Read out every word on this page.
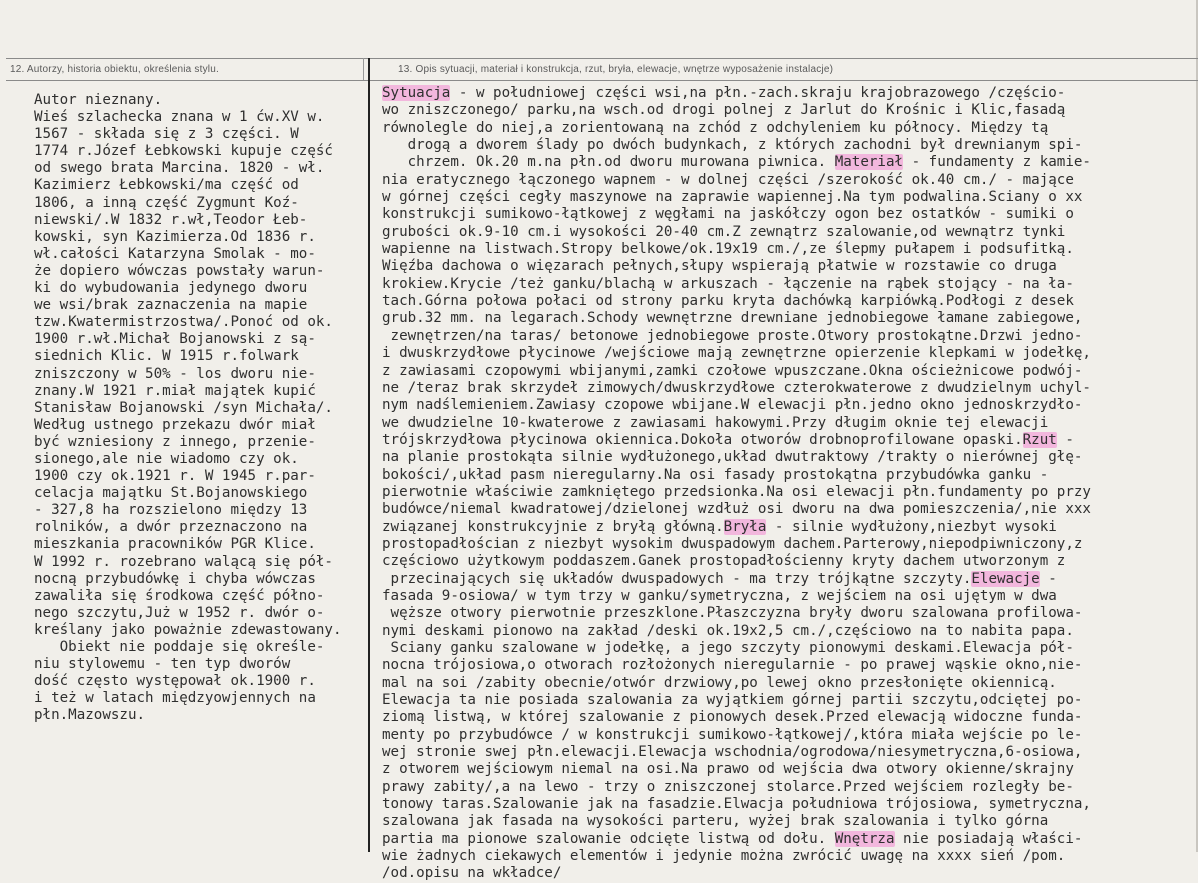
12. Autorzy, historia obiektu, określenia stylu.	13. Opis sytuacji, materiał i konstrukcja, rzut, bryła, elewacje, wnętrze wyposażenie instalacje)
Autor nieznany.
Wieś szlachecka znana w 1 ćw.XV w.
1567 - składa się z 3 części. W
1774 r.Józef Łebkowski kupuje część
od swego brata Marcina. 1820 - wł.
Kazimierz Łebkowski/ma część od
1806, a inną część Zygmunt Koź-
niewski/.W 1832 r.wł,Teodor Łeb-
kowski, syn Kazimierza.Od 1836 r.
wł.całości Katarzyna Smolak - mo-
że dopiero wówczas powstały warun-
ki do wybudowania jedynego dworu
we wsi/brak zaznaczenia na mapie
tzw.Kwatermistrzostwa/.Ponoć od ok.
1900 r.wł.Michał Bojanowski z są-
siednich Klic. W 1915 r.folwark
zniszczony w 50% - los dworu nie-
znany.W 1921 r.miał majątek kupić
Stanisław Bojanowski /syn Michała/.
Według ustnego przekazu dwór miał
być wzniesiony z innego, przenie-
sionego,ale nie wiadomo czy ok.
1900 czy ok.1921 r. W 1945 r.par-
celacja majątku St.Bojanowskiego
- 327,8 ha rozszielono między 13
rolników, a dwór przeznaczono na
mieszkania pracowników PGR Klice.
W 1992 r. rozebrano walącą się pół-
nocną przybudówkę i chyba wówczas
zawaliła się środkowa część półno-
nego szczytu,Już w 1952 r. dwór o-
kreślany jako poważnie zdewastowany.
Obiekt nie poddaje się określe-
niu stylowemu - ten typ dworów
dość często występował ok.1900 r.
i też w latach międzyowjennych na
płn.Mazowszu.
Sytuacja - w południowej części wsi,na płn.-zach.skraju krajobrazowego /częścio-
wo zniszczonego/ parku,na wsch.od drogi polnej z Jarlut do Krośnic i Klic,fasadą
równolegle do niej,a zorientowaną na zchód z odchyleniem ku północy. Między tą
drogą a dworem ślady po dwóch budynkach, z których zachodni był drewnianym spi-
chrzem. Ok.20 m.na płn.od dworu murowana piwnica. Materiał - fundamenty z kamie-
nia eratycznego łączonego wapnem - w dolnej części /szerokość ok.40 cm./ - mające
w górnej części cegły maszynowe na zaprawie wapiennej.Na tym podwalina.Sciany o xx
konstrukcji sumikowo-łątkowej z węgłami na jaskółczy ogon bez ostatków - sumiki o
grubości ok.9-10 cm.i wysokości 20-40 cm.Z zewnątrz szalowanie,od wewnątrz tynki
wapienne na listwach.Stropy belkowe/ok.19x19 cm./,ze ślepmy pułapem i podsufitką.
Więźba dachowa o więzarach pełnych,słupy wspierają płatwie w rozstawie co druga
krokiew.Krycie /też ganku/blachą w arkuszach - łączenie na rąbek stojący - na ła-
tach.Górna połowa połaci od strony parku kryta dachówką karpiówką.Podłogi z desek
grub.32 mm. na legarach.Schody wewnętrzne drewniane jednobiegowe łamane zabiegowe,
zewnętrzen/na taras/ betonowe jednobiegowe proste.Otwory prostokątne.Drzwi jedno-
i dwuskrzydłowe płycinowe /wejściowe mają zewnętrzne opierzenie klepkami w jodełkę,
z zawiasami czopowymi wbijanymi,zamki czołowe wpuszczane.Okna ościeżnicowe podwój-
ne /teraz brak skrzydeł zimowych/dwuskrzydłowe czterokwaterowe z dwudzielnym uchyl-
nym nadślemieniem.Zawiasy czopowe wbijane.W elewacji płn.jedno okno jednoskrzydło-
we dwudzielne 10-kwaterowe z zawiasami hakowymi.Przy długim oknie tej elewacji
trójskrzydłowa płycinowa okiennica.Dokoła otworów drobnoprofilowane opaski.Rzut -
na planie prostokąta silnie wydłużonego,układ dwutraktowy /trakty o nierównej głę-
bokości/,układ pasm nieregularny.Na osi fasady prostokątna przybudówka ganku -
pierwotnie właściwie zamkniętego przedsionka.Na osi elewacji płn.fundamenty po przy
budówce/niemal kwadratowej/dzielonej wzdłuż osi dworu na dwa pomieszczenia/,nie xxx
związanej konstrukcyjnie z bryłą główną.Bryła - silnie wydłużony,niezbyt wysoki
prostopadłościan z niezbyt wysokim dwuspadowym dachem.Parterowy,niepodpiwniczony,z
częściowo użytkowym poddaszem.Ganek prostopadłościenny kryty dachem utworzonym z
przecinających się układów dwuspadowych - ma trzy trójkątne szczyty.Elewacje -
fasada 9-osiowa/ w tym trzy w ganku/symetryczna, z wejściem na osi ujętym w dwa
węższe otwory pierwotnie przeszklone.Płaszczyzna bryły dworu szalowana profilowa-
nymi deskami pionowo na zakład /deski ok.19x2,5 cm./,częściowo na to nabita papa.
Sciany ganku szalowane w jodełkę, a jego szczyty pionowymi deskami.Elewacja pół-
nocna trójosiowa,o otworach rozłożonych nieregularnie - po prawej wąskie okno,nie-
mal na soi /zabity obecnie/otwór drzwiowy,po lewej okno przesłonięte okiennicą.
Elewacja ta nie posiada szalowania za wyjątkiem górnej partii szczytu,odciętej po-
ziomą listwą, w której szalowanie z pionowych desek.Przed elewacją widoczne funda-
menty po przybudówce / w konstrukcji sumikowo-łątkowej/,która miała wejście po le-
wej stronie swej płn.elewacji.Elewacja wschodnia/ogrodowa/niesymetryczna,6-osiowa,
z otworem wejściowym niemal na osi.Na prawo od wejścia dwa otwory okienne/skrajny
prawy zabity/,a na lewo - trzy o zniszczonej stolarce.Przed wejściem rozległy be-
tonowy taras.Szalowanie jak na fasadzie.Elwacja południowa trójosiowa, symetryczna,
szalowana jak fasada na wysokości parteru, wyżej brak szalowania i tylko górna
partia ma pionowe szalowanie odcięte listwą od dołu. Wnętrza nie posiadają właści-
wie żadnych ciekawych elementów i jedynie można zwrócić uwagę na xxxx sień /pom.
/od.opisu na wkładce/
